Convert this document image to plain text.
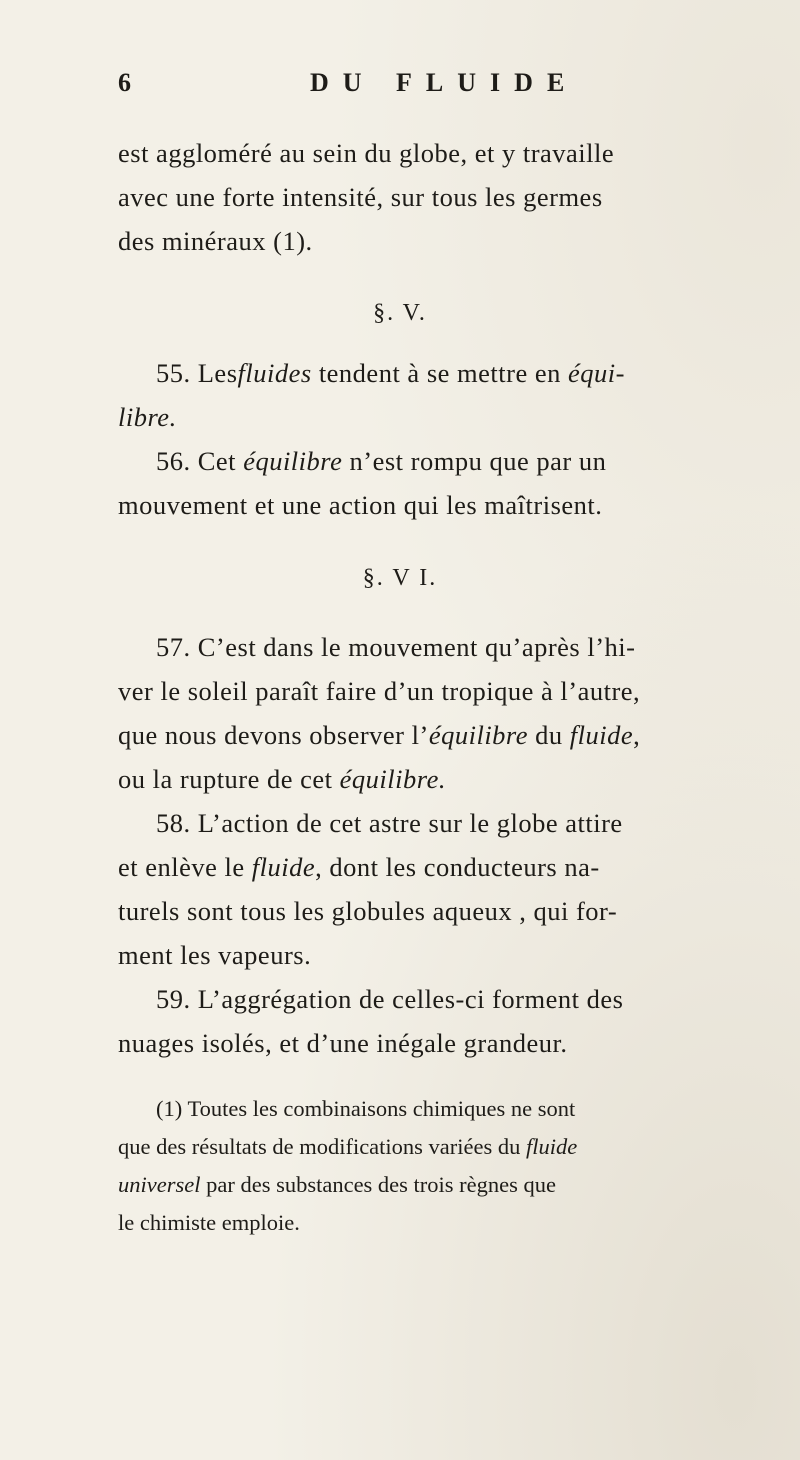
6	DU FLUIDE
est aggloméré au sein du globe, et y travaille
avec une forte intensité, sur tous les germes
des minéraux (1).
§. V.
55. Lesfluides tendent à se mettre en équi-
libre.
56. Cet équilibre n’est rompu que par un
mouvement et une action qui les maîtrisent.
§. V I.
57. C’est dans le mouvement qu’après l’hi-
ver le soleil paraît faire d’un tropique à l’autre,
que nous devons observer l’équilibre du fluide,
ou la rupture de cet équilibre.
58. L’action de cet astre sur le globe attire
et enlève le fluide, dont les conducteurs na-
turels sont tous les globules aqueux , qui for-
ment les vapeurs.
59. L’aggrégation de celles-ci forment des
nuages isolés, et d’une inégale grandeur.
(1) Toutes les combinaisons chimiques ne sont
que des résultats de modifications variées du fluide
universel par des substances des trois règnes que
le chimiste emploie.
